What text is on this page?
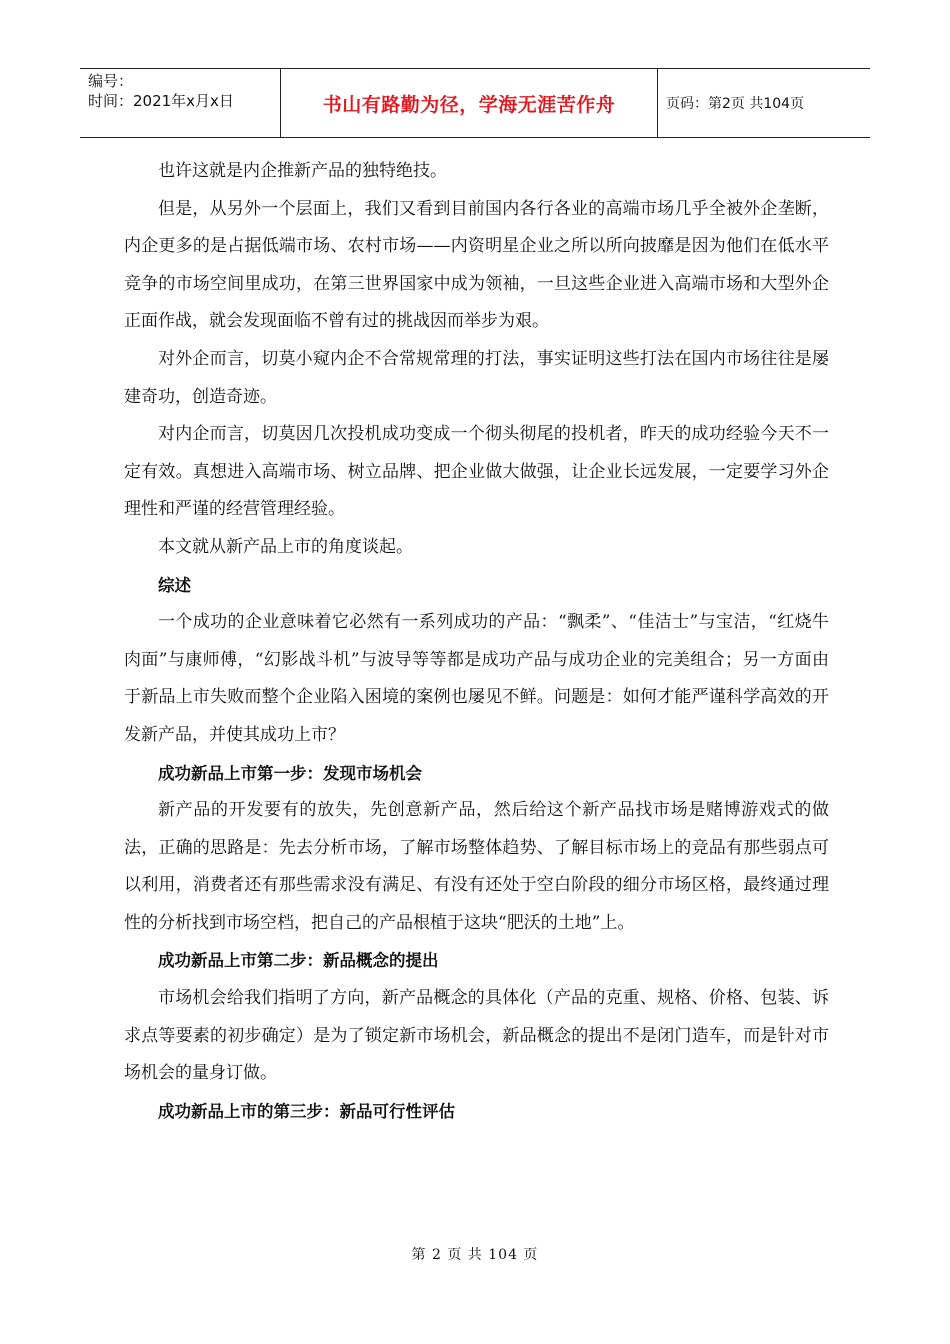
编号：
时间：2021年x月x日	书山有路勤为径，学海无涯苦作舟	页码：第2页 共104页

也许这就是内企推新产品的独特绝技。

但是，从另外一个层面上，我们又看到目前国内各行各业的高端市场几乎全被外企垄断，内企更多的是占据低端市场、农村市场——内资明星企业之所以所向披靡是因为他们在低水平竞争的市场空间里成功，在第三世界国家中成为领袖，一旦这些企业进入高端市场和大型外企正面作战，就会发现面临不曾有过的挑战因而举步为艰。

对外企而言，切莫小窥内企不合常规常理的打法，事实证明这些打法在国内市场往往是屡建奇功，创造奇迹。

对内企而言，切莫因几次投机成功变成一个彻头彻尾的投机者，昨天的成功经验今天不一定有效。真想进入高端市场、树立品牌、把企业做大做强，让企业长远发展，一定要学习外企理性和严谨的经营管理经验。

本文就从新产品上市的角度谈起。

综述

一个成功的企业意味着它必然有一系列成功的产品：“飘柔”、“佳洁士”与宝洁，“红烧牛肉面”与康师傅，“幻影战斗机”与波导等等都是成功产品与成功企业的完美组合；另一方面由于新品上市失败而整个企业陷入困境的案例也屡见不鲜。问题是：如何才能严谨科学高效的开发新产品，并使其成功上市？

成功新品上市第一步：发现市场机会

新产品的开发要有的放失，先创意新产品，然后给这个新产品找市场是赌博游戏式的做法，正确的思路是：先去分析市场，了解市场整体趋势、了解目标市场上的竞品有那些弱点可以利用，消费者还有那些需求没有满足、有没有还处于空白阶段的细分市场区格，最终通过理性的分析找到市场空档，把自己的产品根植于这块“肥沃的土地”上。

成功新品上市第二步：新品概念的提出

市场机会给我们指明了方向，新产品概念的具体化（产品的克重、规格、价格、包装、诉求点等要素的初步确定）是为了锁定新市场机会，新品概念的提出不是闭门造车，而是针对市场机会的量身订做。

成功新品上市的第三步：新品可行性评估

第 2 页 共 104 页
